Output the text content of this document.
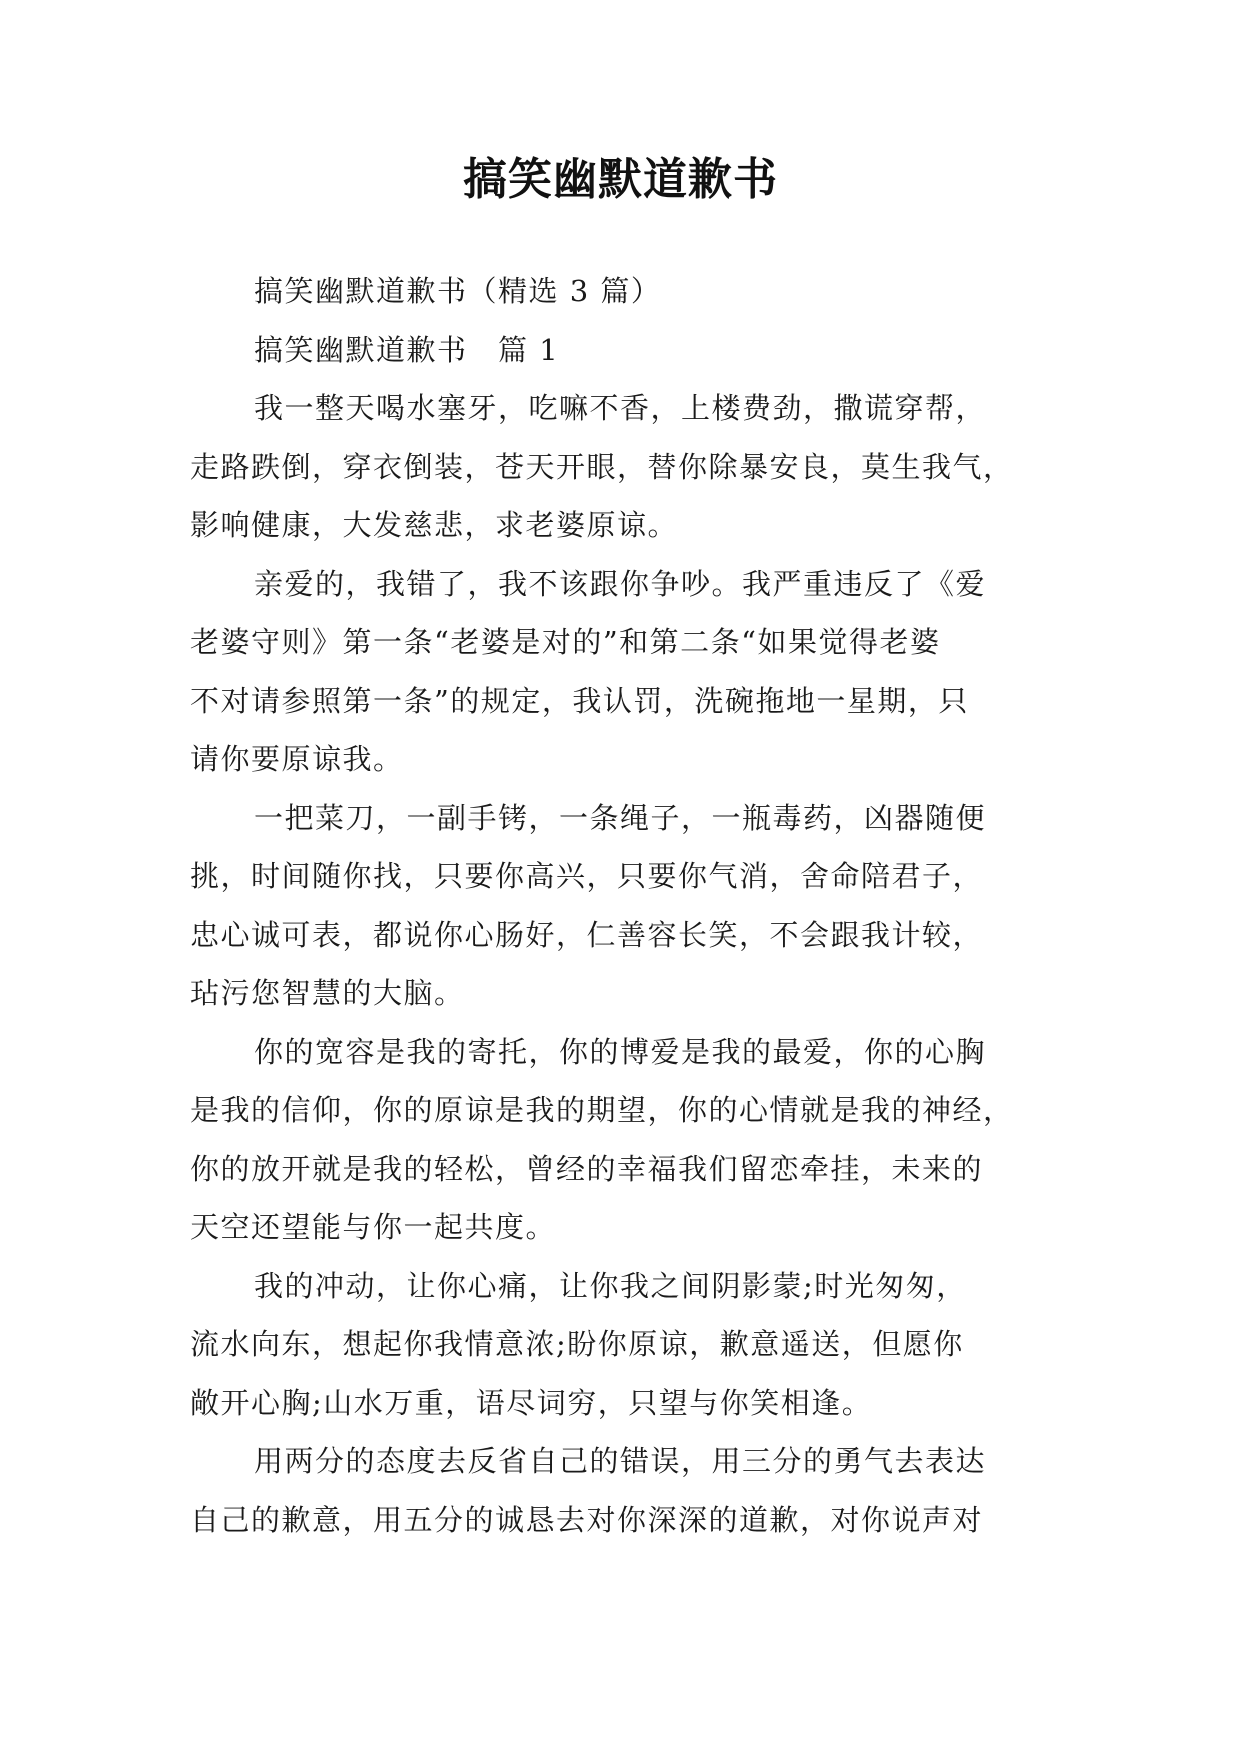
搞笑幽默道歉书
搞笑幽默道歉书（精选 3 篇）
搞笑幽默道歉书　篇 1
我一整天喝水塞牙，吃嘛不香，上楼费劲，撒谎穿帮，
走路跌倒，穿衣倒装，苍天开眼，替你除暴安良，莫生我气，
影响健康，大发慈悲，求老婆原谅。
亲爱的，我错了，我不该跟你争吵。我严重违反了《爱
老婆守则》第一条“老婆是对的”和第二条“如果觉得老婆
不对请参照第一条”的规定，我认罚，洗碗拖地一星期，只
请你要原谅我。
一把菜刀，一副手铐，一条绳子，一瓶毒药，凶器随便
挑，时间随你找，只要你高兴，只要你气消，舍命陪君子，
忠心诚可表，都说你心肠好，仁善容长笑，不会跟我计较，
玷污您智慧的大脑。
你的宽容是我的寄托，你的博爱是我的最爱，你的心胸
是我的信仰，你的原谅是我的期望，你的心情就是我的神经，
你的放开就是我的轻松，曾经的幸福我们留恋牵挂，未来的
天空还望能与你一起共度。
我的冲动，让你心痛，让你我之间阴影蒙;时光匆匆，
流水向东，想起你我情意浓;盼你原谅，歉意遥送，但愿你
敞开心胸;山水万重，语尽词穷，只望与你笑相逢。
用两分的态度去反省自己的错误，用三分的勇气去表达
自己的歉意，用五分的诚恳去对你深深的道歉，对你说声对
